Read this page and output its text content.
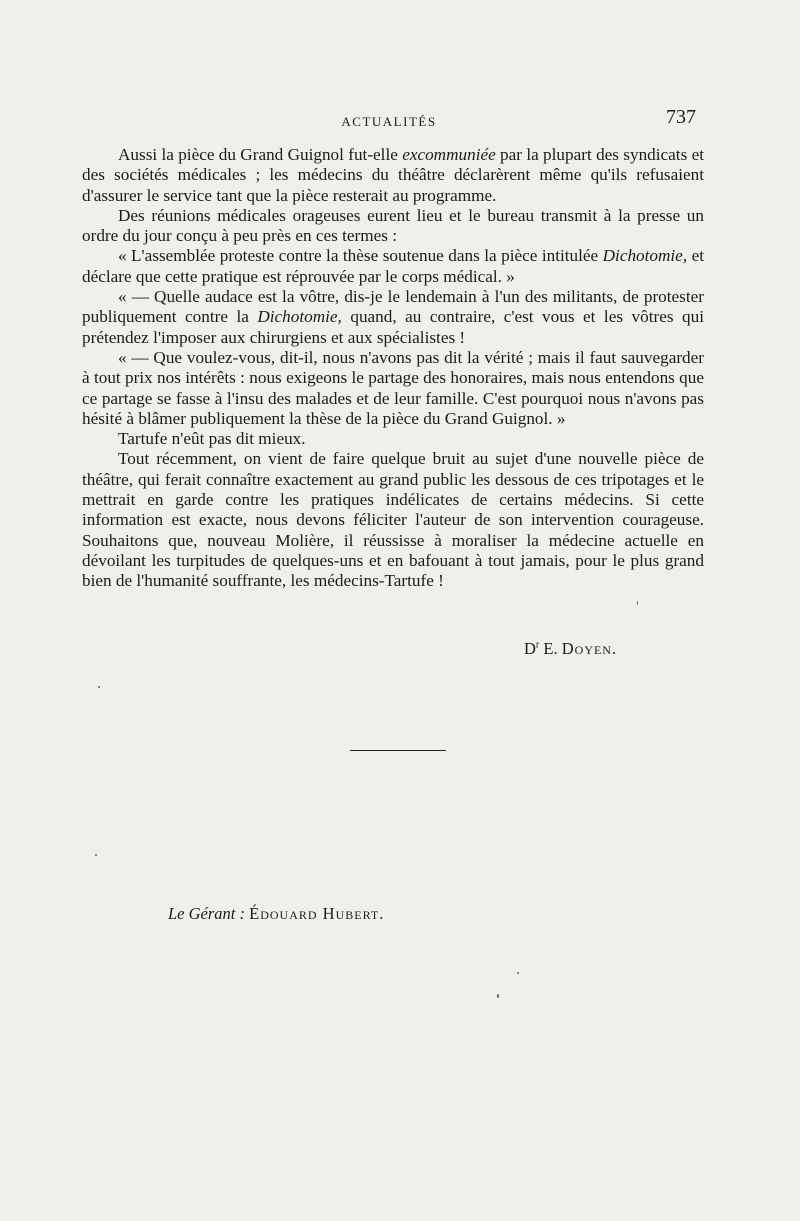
ACTUALITÉS	737

Aussi la pièce du Grand Guignol fut-elle excommuniée par la plupart des syndicats et des sociétés médicales ; les médecins du théâtre déclarèrent même qu'ils refusaient d'assurer le service tant que la pièce resterait au programme.

Des réunions médicales orageuses eurent lieu et le bureau transmit à la presse un ordre du jour conçu à peu près en ces termes :

« L'assemblée proteste contre la thèse soutenue dans la pièce intitulée Dichotomie, et déclare que cette pratique est réprouvée par le corps médical. »

« — Quelle audace est la vôtre, dis-je le lendemain à l'un des militants, de protester publiquement contre la Dichotomie, quand, au contraire, c'est vous et les vôtres qui prétendez l'imposer aux chirurgiens et aux spécialistes !

« — Que voulez-vous, dit-il, nous n'avons pas dit la vérité ; mais il faut sauvegarder à tout prix nos intérêts : nous exigeons le partage des honoraires, mais nous entendons que ce partage se fasse à l'insu des malades et de leur famille. C'est pourquoi nous n'avons pas hésité à blâmer publiquement la thèse de la pièce du Grand Guignol. »

Tartufe n'eût pas dit mieux.

Tout récemment, on vient de faire quelque bruit au sujet d'une nouvelle pièce de théâtre, qui ferait connaître exactement au grand public les dessous de ces tripotages et le mettrait en garde contre les pratiques indélicates de certains médecins. Si cette information est exacte, nous devons féliciter l'auteur de son intervention courageuse. Souhaitons que, nouveau Molière, il réussisse à moraliser la médecine actuelle en dévoilant les turpitudes de quelques-uns et en bafouant à tout jamais, pour le plus grand bien de l'humanité souffrante, les médecins-Tartufe !

$D^r$ E. Doyen.
Le Gérant : Édouard Hubert.
